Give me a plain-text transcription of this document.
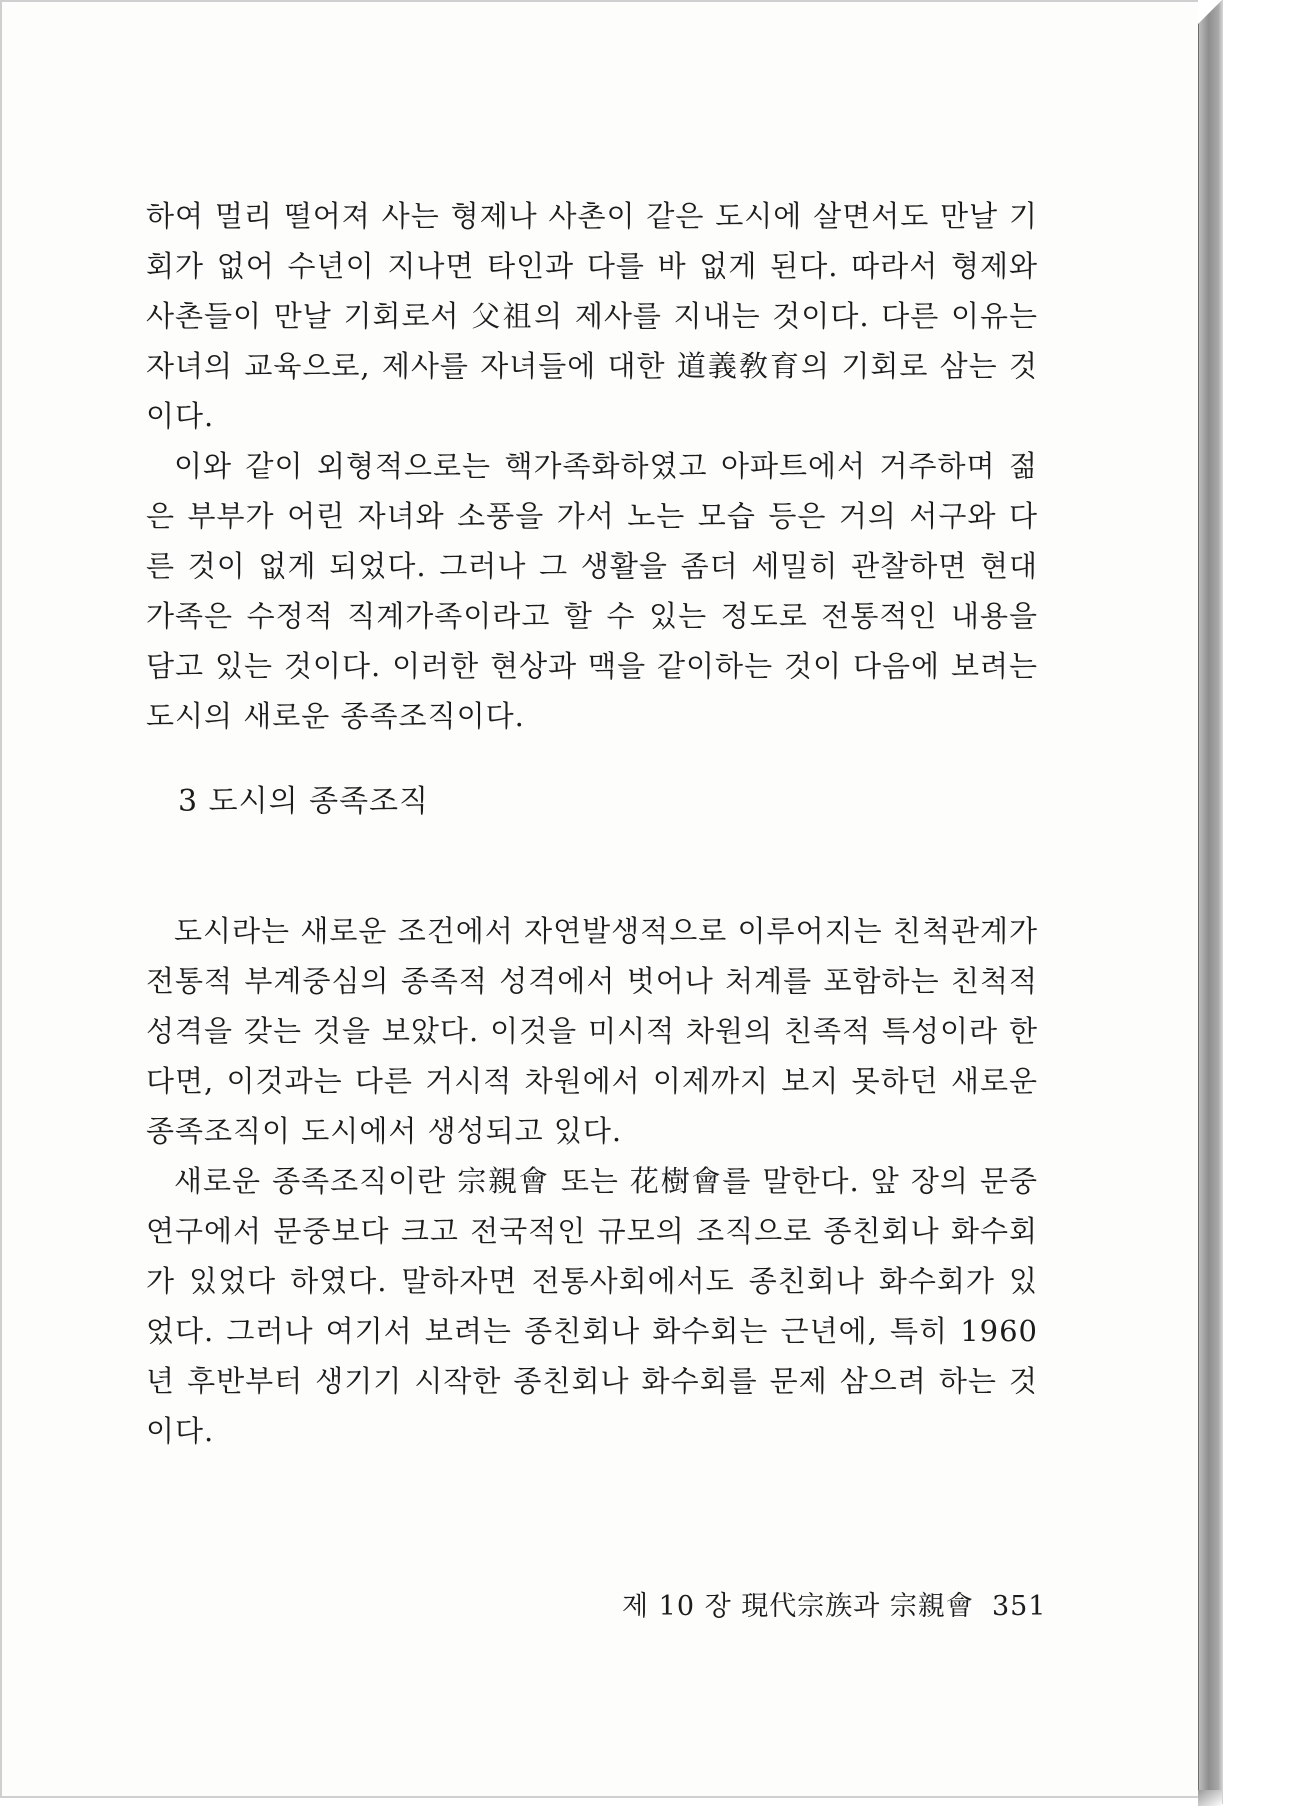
하여 멀리 떨어져 사는 형제나 사촌이 같은 도시에 살면서도 만날 기회가 없어 수년이 지나면 타인과 다를 바 없게 된다. 따라서 형제와 사촌들이 만날 기회로서 父祖의 제사를 지내는 것이다. 다른 이유는 자녀의 교육으로, 제사를 자녀들에 대한 道義敎育의 기회로 삼는 것이다.

이와 같이 외형적으로는 핵가족화하였고 아파트에서 거주하며 젊은 부부가 어린 자녀와 소풍을 가서 노는 모습 등은 거의 서구와 다른 것이 없게 되었다. 그러나 그 생활을 좀더 세밀히 관찰하면 현대가족은 수정적 직계가족이라고 할 수 있는 정도로 전통적인 내용을 담고 있는 것이다. 이러한 현상과 맥을 같이하는 것이 다음에 보려는 도시의 새로운 종족조직이다.

3 도시의 종족조직

도시라는 새로운 조건에서 자연발생적으로 이루어지는 친척관계가 전통적 부계중심의 종족적 성격에서 벗어나 처계를 포함하는 친척적 성격을 갖는 것을 보았다. 이것을 미시적 차원의 친족적 특성이라 한다면, 이것과는 다른 거시적 차원에서 이제까지 보지 못하던 새로운 종족조직이 도시에서 생성되고 있다.

새로운 종족조직이란 宗親會 또는 花樹會를 말한다. 앞 장의 문중연구에서 문중보다 크고 전국적인 규모의 조직으로 종친회나 화수회가 있었다 하였다. 말하자면 전통사회에서도 종친회나 화수회가 있었다. 그러나 여기서 보려는 종친회나 화수회는 근년에, 특히 1960년 후반부터 생기기 시작한 종친회나 화수회를 문제 삼으려 하는 것이다.

제 10 장 現代宗族과 宗親會 351
